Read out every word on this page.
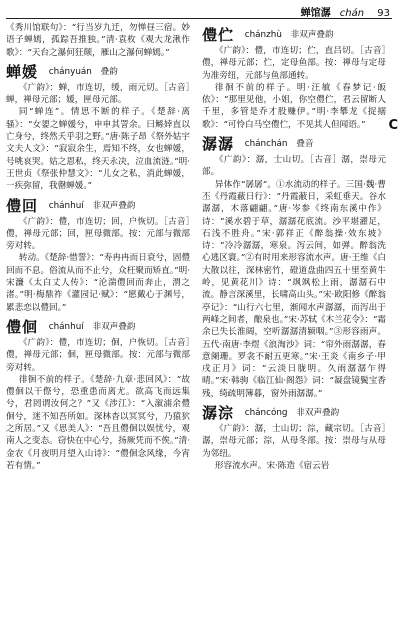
蝉馆潺 chán 93

《秀川馆联句》：“行当岁九迁，勿惮昼三宿。妙语子蝉嫣，孤踪吾推独。”清·袁枚《观大龙湫作歌》：“天台之瀑何狂颠，雁山之瀑何蝉嫣。”

蝉媛 chányuán 叠韵

《广韵》：蝉，市连切，缓，雨元切。［古音］蝉，禅母元部；媛，匣母元部。

同“蝉连”。情思不断的样子。《楚辞·离骚》：“女媭之蝉媛兮，申申其詈余。曰鲧婞直以亡身兮，终然夭乎羽之野。”唐·陈子昂《祭外姑宇文夫人文》：“寂寂余生，焉知不终，女也蝉媛，号咷哀哭。姑之恩私，终天永决，泣血流涟。”明·王世贞《祭张仲慧文》：“儿女之私，消此蝉媛，一疾弥留，我罄蝉媛。”

僼回 chánhuí 非双声叠韵

《广韵》：僼，市连切；回，户恢切。［古音］僼，禅母元部；回，匣母微部。按：元部与微部旁对转。

转动。《楚辞·惜誓》：“寿冉冉而日衰兮，固僼回而不息。俗流从而不止兮，众枉聚而矫直。”明·宋濂《太白丈人传》：“沦湍僼回而奔止，渭之渚。”明·梅鼎祚《灌园记·赋》：“愿戴心于渊号，累悲恋以僼回。”

僼佪 chánhuí 非双声叠韵

《广韵》：僼，市连切；佪，户恢切。［古音］僼，禅母元部；佪，匣母微部。按：元部与微部旁对转。

徘徊不前的样子。《楚辞·九章·悲回风》：“故僼佪以干傺兮，恐重患而离尤。欲高飞而远集兮，君罔谓汝何之？”又《涉江》：“入溆浦余僼佪兮，迷不知吾所如。深林杳以冥冥兮，乃猿狖之所居。”又《思美人》：“吾且僼佪以娱忧兮，观南人之变态。窃快在中心兮，扬厥凭而不俟。”清·金农《月夜明月望入山诗》：“僼佪念风缘，今宵若有情。”

僼伫 chánzhù 非双声叠韵

《广韵》：僼，市连切；伫，直吕切。［古音］僼，禅母元部；伫，定母鱼部。按：禅母与定母为准旁纽，元部与鱼部通转。

徘徊不前的样子。明·汪敏《春梦记·皈依》：“那里见他，小姐，你空僼伫，君云留断人千里，多管是乔才股赚伊。”明·李攀龙《捉搦歌》：“可怜白马空僼伫，不见其人但闻语。”

潺潺 chánchán 叠音

《广韵》：潺，士山切。［古音］潺，崇母元部。

异体作“孱孱”。①水流动的样子。三国·魏·曹丕《丹霞蔽日行》：“丹霞蔽日，采虹垂天。谷水潺潺，木落翩翩。”唐·岑参《终南东溪中作》诗：“溪水碧于草，潺潺花底流。沙平堪濯足，石浅不胜舟。”宋·郭祥正《醉翁操·效东坡》诗：“冷冷潺潺，寒泉。泻云间，如弹。醉翁洗心逃区寰。”②有时用来形容流水声。唐·王维《白大散以往，深林密竹，磴道盘曲四五十里至黄牛岭，见黄花川》诗：“飒飒松上雨，潺潺石中流。静言深溪里，长啸高山头。”宋·欧阳修《醉翁亭记》：“山行六七里，渐闻水声潺潺，而泻出于两峰之间者，酿泉也。”宋·苏轼《木兰花令》：“霜余已失长淮阔，空听潺潺清颍咽。”③形容雨声。五代·南唐·李煜《浪淘沙》词：“帘外雨潺潺，春意阑珊。罗衾不耐五更寒。”宋·王炎《南乡子·甲戌正月》词：“云淡日胧明。久雨潺潺乍得晴。”宋·韩驹《临江仙·阁怨》词：“凝盘镜鬓宝香残，绮疏明簿暮，窗外雨潺潺。”

潺淙 cháncóng 非双声叠韵

《广韵》：潺，士山切；淙，藏宗切。［古音］潺，崇母元部；淙，从母冬部。按：崇母与从母为邻纽。

形容流水声。宋·陈造《宿云岩

C
